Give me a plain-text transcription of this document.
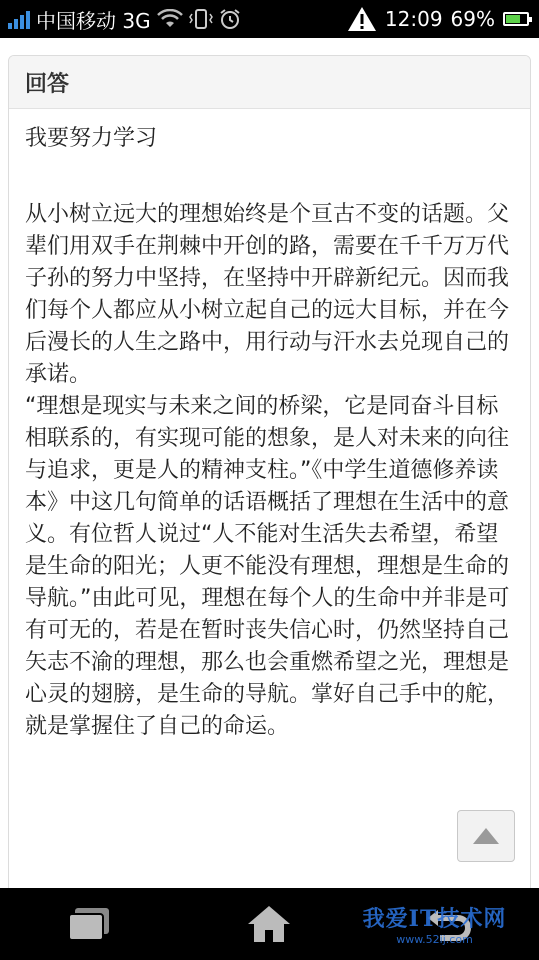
中国移动 3G	12:09 69%
回答

我要努力学习

从小树立远大的理想始终是个亘古不变的话题。父辈们用双手在荆棘中开创的路，需要在千千万万代子孙的努力中坚持，在坚持中开辟新纪元。因而我们每个人都应从小树立起自己的远大目标，并在今后漫长的人生之路中，用行动与汗水去兑现自己的承诺。

“理想是现实与未来之间的桥梁，它是同奋斗目标相联系的，有实现可能的想象，是人对未来的向往与追求，更是人的精神支柱。”《中学生道德修养读本》中这几句简单的话语概括了理想在生活中的意义。有位哲人说过“人不能对生活失去希望，希望是生命的阳光；人更不能没有理想，理想是生命的导航。”由此可见，理想在每个人的生命中并非是可有可无的，若是在暂时丧失信心时，仍然坚持自己矢志不渝的理想，那么也会重燃希望之光，理想是心灵的翅膀，是生命的导航。掌好自己手中的舵，就是掌握住了自己的命运。

我爱IT技术网
www.52ij.com
